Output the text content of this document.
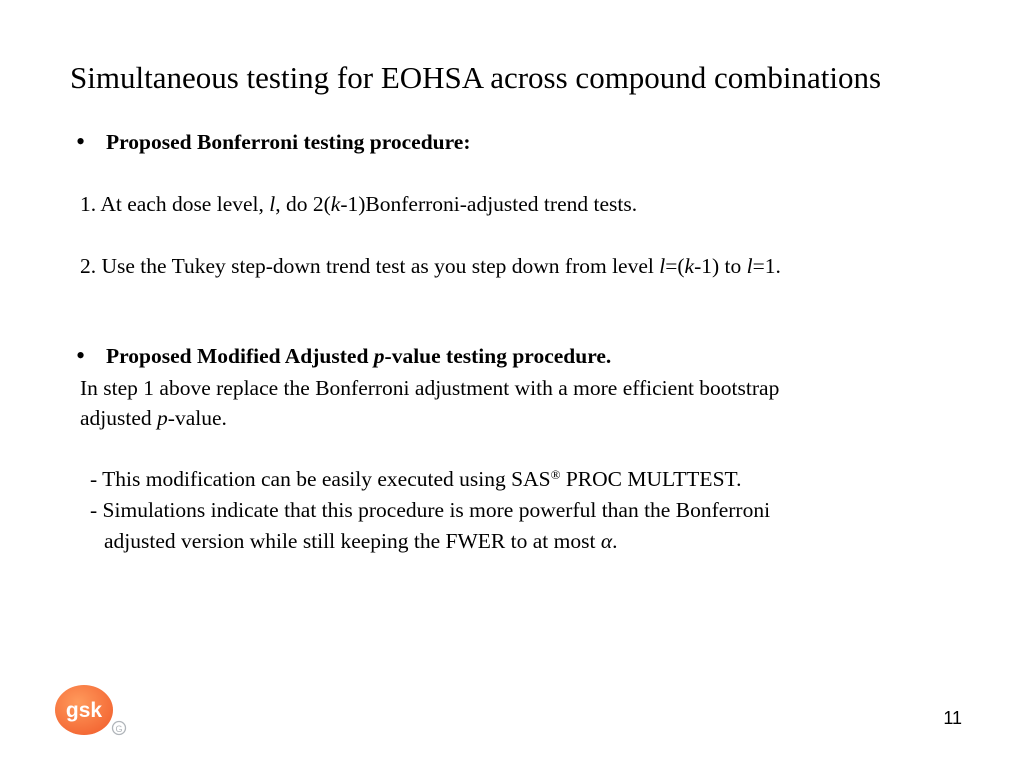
Simultaneous testing for EOHSA across compound combinations
• Proposed Bonferroni testing procedure:
1. At each dose level, l, do 2(k-1)Bonferroni-adjusted trend tests.
2. Use the Tukey step-down trend test as you step down from level l=(k-1) to l=1.
• Proposed Modified Adjusted p-value testing procedure.
In step 1 above replace the Bonferroni adjustment with a more efficient bootstrap
adjusted p-value.
- This modification can be easily executed using SAS® PROC MULTTEST.
- Simulations indicate that this procedure is more powerful than the Bonferroni
adjusted version while still keeping the FWER to at most α.
gsk
G
11
